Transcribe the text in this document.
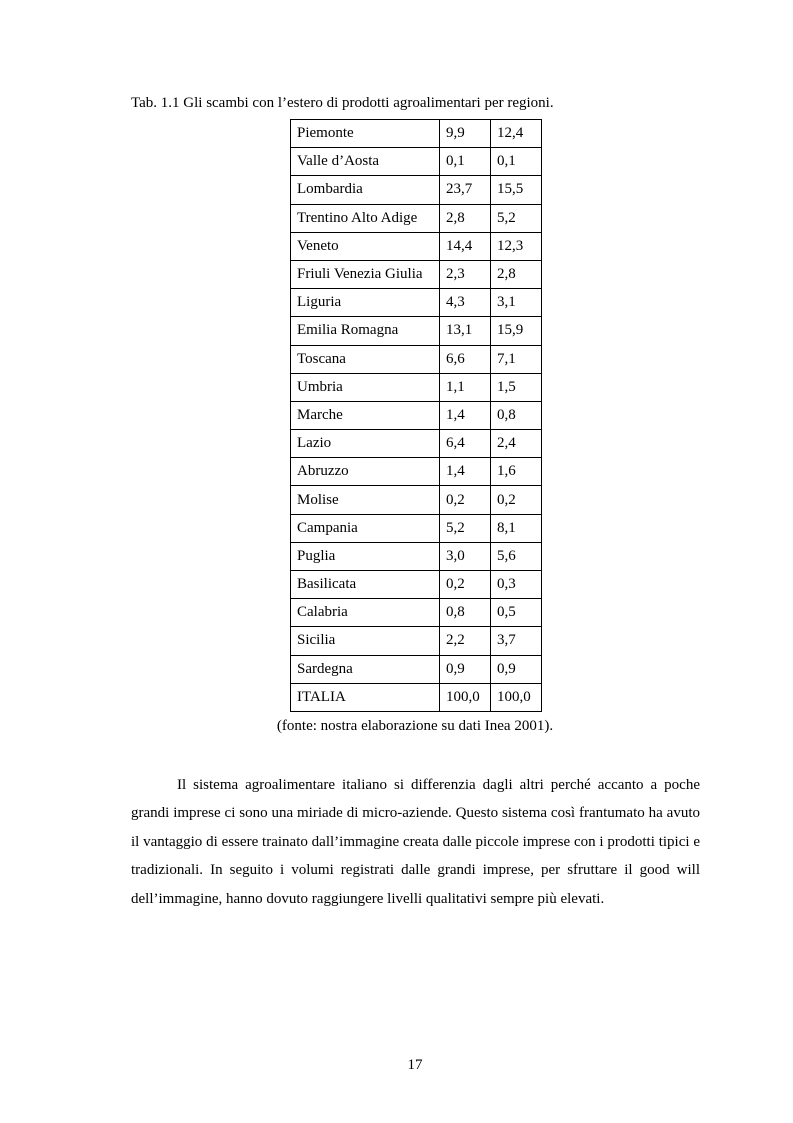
Tab. 1.1 Gli scambi con l’estero di prodotti agroalimentari per regioni.
Piemonte	9,9	12,4
Valle d’Aosta	0,1	0,1
Lombardia	23,7	15,5
Trentino Alto Adige	2,8	5,2
Veneto	14,4	12,3
Friuli Venezia Giulia	2,3	2,8
Liguria	4,3	3,1
Emilia Romagna	13,1	15,9
Toscana	6,6	7,1
Umbria	1,1	1,5
Marche	1,4	0,8
Lazio	6,4	2,4
Abruzzo	1,4	1,6
Molise	0,2	0,2
Campania	5,2	8,1
Puglia	3,0	5,6
Basilicata	0,2	0,3
Calabria	0,8	0,5
Sicilia	2,2	3,7
Sardegna	0,9	0,9
ITALIA	100,0	100,0
(fonte: nostra elaborazione su dati Inea 2001).

Il sistema agroalimentare italiano si differenzia dagli altri perché accanto a poche grandi imprese ci sono una miriade di micro-aziende. Questo sistema così frantumato ha avuto il vantaggio di essere trainato dall’immagine creata dalle piccole imprese con i prodotti tipici e tradizionali. In seguito i volumi registrati dalle grandi imprese, per sfruttare il good will dell’immagine, hanno dovuto raggiungere livelli qualitativi sempre più elevati.

17
